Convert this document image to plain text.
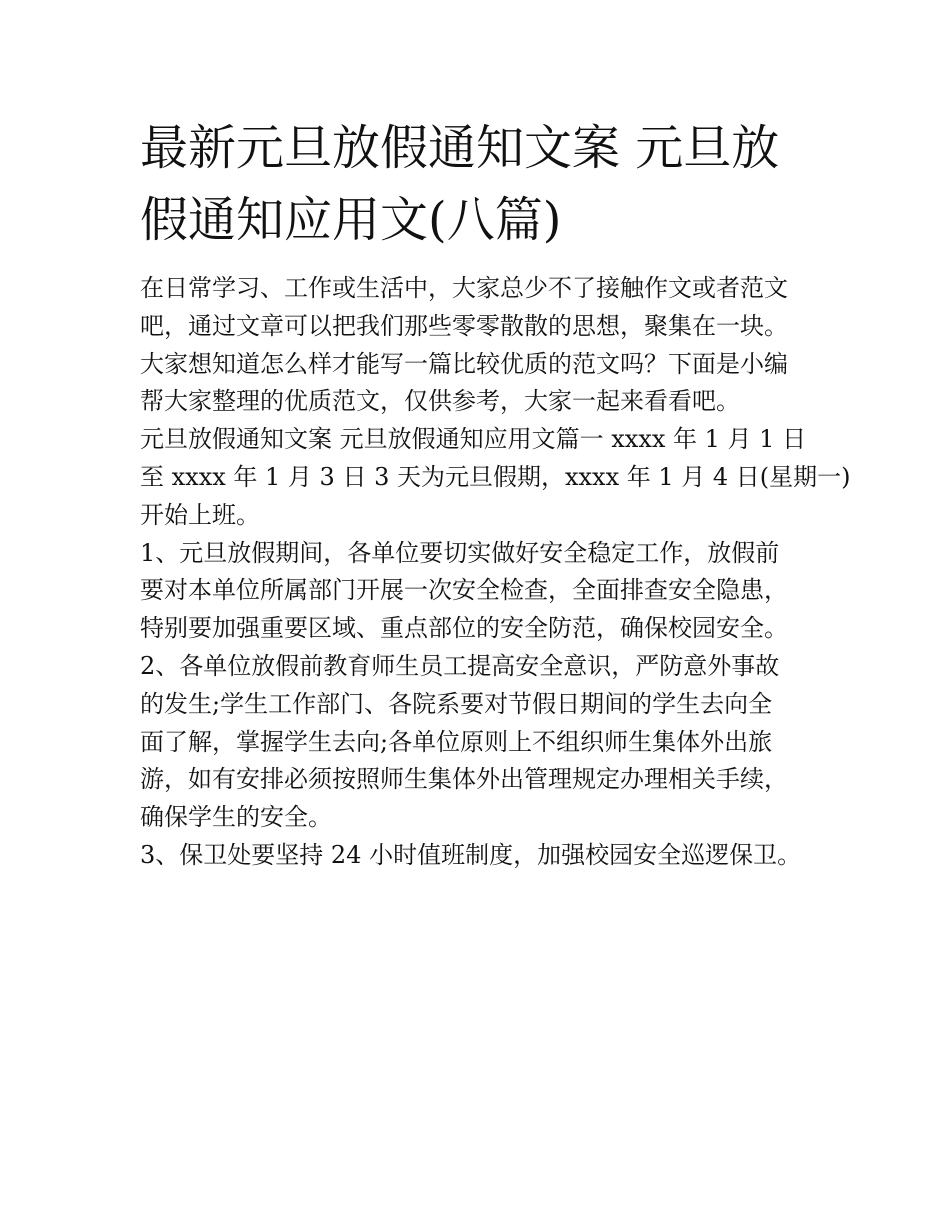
最新元旦放假通知文案 元旦放
假通知应用文(八篇)

在日常学习、工作或生活中，大家总少不了接触作文或者范文
吧，通过文章可以把我们那些零零散散的思想，聚集在一块。
大家想知道怎么样才能写一篇比较优质的范文吗？下面是小编
帮大家整理的优质范文，仅供参考，大家一起来看看吧。

元旦放假通知文案 元旦放假通知应用文篇一 xxxx 年 1 月 1 日
至 xxxx 年 1 月 3 日 3 天为元旦假期，xxxx 年 1 月 4 日(星期一)
开始上班。

1、元旦放假期间，各单位要切实做好安全稳定工作，放假前
要对本单位所属部门开展一次安全检查，全面排查安全隐患，
特别要加强重要区域、重点部位的安全防范，确保校园安全。

2、各单位放假前教育师生员工提高安全意识，严防意外事故
的发生;学生工作部门、各院系要对节假日期间的学生去向全
面了解，掌握学生去向;各单位原则上不组织师生集体外出旅
游，如有安排必须按照师生集体外出管理规定办理相关手续，
确保学生的安全。

3、保卫处要坚持 24 小时值班制度，加强校园安全巡逻保卫。
